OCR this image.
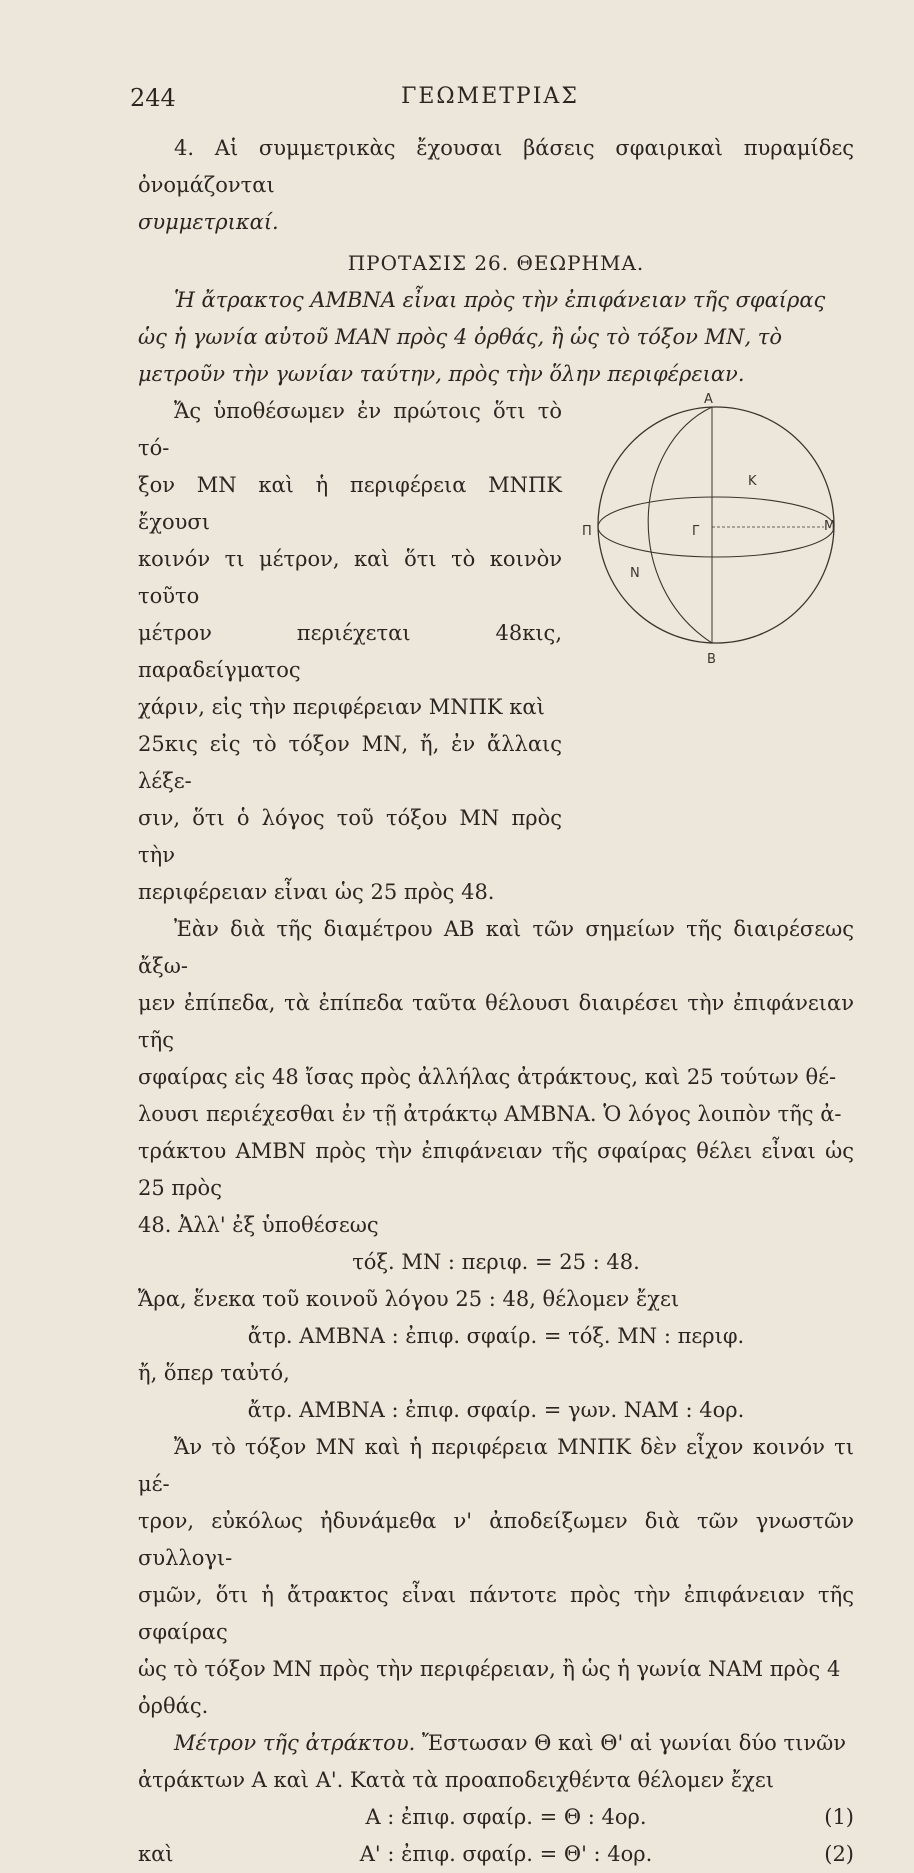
244	ΓΕΩΜΕΤΡΙΑΣ

4. Αἱ συμμετρικὰς ἔχουσαι βάσεις σφαιρικαὶ πυραμίδες ὀνομάζονται

συμμετρικαί.

ΠΡΟΤΑΣΙΣ 26. ΘΕΩΡΗΜΑ.

Ἡ ἄτρακτος ΑΜΒΝΑ εἶναι πρὸς τὴν ἐπιφάνειαν τῆς σφαίρας

ὡς ἡ γωνία αὐτοῦ ΜΑΝ πρὸς 4 ὀρθάς, ἢ ὡς τὸ τόξον ΜΝ, τὸ

μετροῦν τὴν γωνίαν ταύτην, πρὸς τὴν ὅλην περιφέρειαν.

Ἄς ὑποθέσωμεν ἐν πρώτοις ὅτι τὸ τό-

ξον ΜΝ καὶ ἡ περιφέρεια ΜΝΠΚ ἔχουσι

κοινόν τι μέτρον, καὶ ὅτι τὸ κοινὸν τοῦτο

μέτρον περιέχεται 48κις, παραδείγματος

χάριν, εἰς τὴν περιφέρειαν ΜΝΠΚ καὶ

25κις εἰς τὸ τόξον ΜΝ, ἤ, ἐν ἄλλαις λέξε-

σιν, ὅτι ὁ λόγος τοῦ τόξου ΜΝ πρὸς τὴν

περιφέρειαν εἶναι ὡς 25 πρὸς 48.

A
K
Π	Γ	M
N
B

Ἐὰν διὰ τῆς διαμέτρου ΑΒ καὶ τῶν σημείων τῆς διαιρέσεως ἄξω-

μεν ἐπίπεδα, τὰ ἐπίπεδα ταῦτα θέλουσι διαιρέσει τὴν ἐπιφάνειαν τῆς

σφαίρας εἰς 48 ἴσας πρὸς ἀλλήλας ἀτράκτους, καὶ 25 τούτων θέ-

λουσι περιέχεσθαι ἐν τῇ ἀτράκτῳ ΑΜΒΝΑ. Ὁ λόγος λοιπὸν τῆς ἀ-

τράκτου ΑΜΒΝ πρὸς τὴν ἐπιφάνειαν τῆς σφαίρας θέλει εἶναι ὡς 25 πρὸς

48. Ἀλλ' ἐξ ὑποθέσεως

τόξ. ΜΝ : περιφ. = 25 : 48.

Ἄρα, ἕνεκα τοῦ κοινοῦ λόγου 25 : 48, θέλομεν ἔχει

ἄτρ. ΑΜΒΝΑ : ἐπιφ. σφαίρ. = τόξ. ΜΝ : περιφ.

ἤ, ὅπερ ταὐτό,

ἄτρ. ΑΜΒΝΑ : ἐπιφ. σφαίρ. = γων. ΝΑΜ : 4ορ.

Ἄν τὸ τόξον ΜΝ καὶ ἡ περιφέρεια ΜΝΠΚ δὲν εἶχον κοινόν τι μέ-

τρον, εὐκόλως ἠδυνάμεθα ν' ἀποδείξωμεν διὰ τῶν γνωστῶν συλλογι-

σμῶν, ὅτι ἡ ἄτρακτος εἶναι πάντοτε πρὸς τὴν ἐπιφάνειαν τῆς σφαίρας

ὡς τὸ τόξον ΜΝ πρὸς τὴν περιφέρειαν, ἢ ὡς ἡ γωνία ΝΑΜ πρὸς 4

ὀρθάς.

Μέτρον τῆς ἀτράκτου. Ἔστωσαν Θ καὶ Θ' αἱ γωνίαι δύο τινῶν

ἀτράκτων Α καὶ Α'. Κατὰ τὰ προαποδειχθέντα θέλομεν ἔχει

Α : ἐπιφ. σφαίρ. = Θ : 4ορ.	(1)
καὶ	Α' : ἐπιφ. σφαίρ. = Θ' : 4ορ.	(2)
